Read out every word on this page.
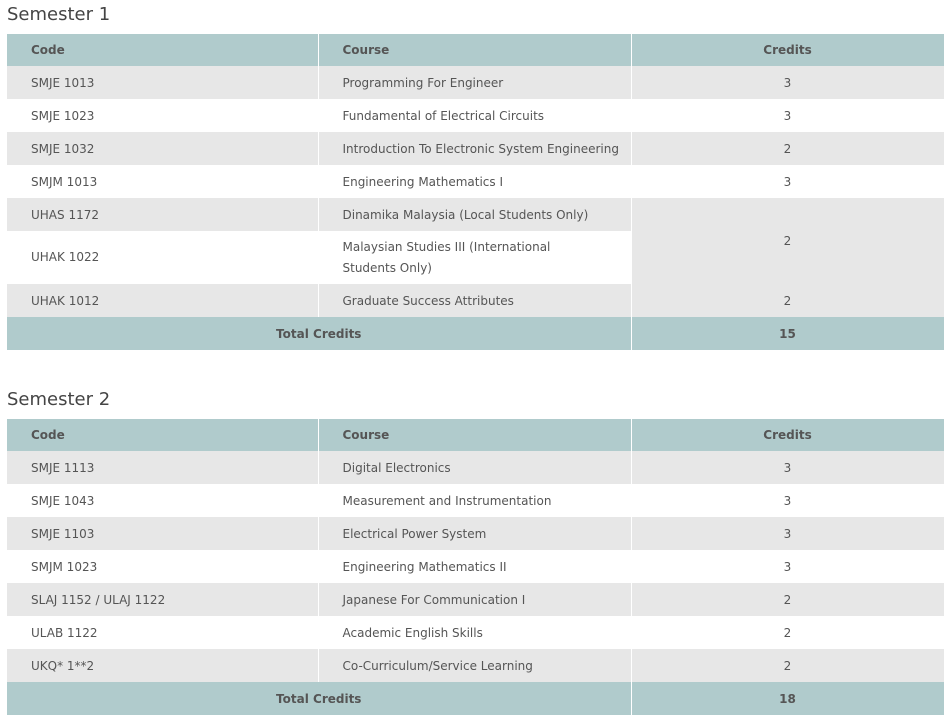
Semester 1
Code	Course	Credits
SMJE 1013	Programming For Engineer	3
SMJE 1023	Fundamental of Electrical Circuits	3
SMJE 1032	Introduction To Electronic System Engineering	2
SMJM 1013	Engineering Mathematics I	3
UHAS 1172	Dinamika Malaysia (Local Students Only)	2
UHAK 1022	Malaysian Studies III (International Students Only)	
UHAK 1012	Graduate Success Attributes	2
Total Credits		15
Semester 2
Code	Course	Credits
SMJE 1113	Digital Electronics	3
SMJE 1043	Measurement and Instrumentation	3
SMJE 1103	Electrical Power System	3
SMJM 1023	Engineering Mathematics II	3
SLAJ 1152 / ULAJ 1122	Japanese For Communication I	2
ULAB 1122	Academic English Skills	2
UKQ* 1**2	Co-Curriculum/Service Learning	2
Total Credits		18
